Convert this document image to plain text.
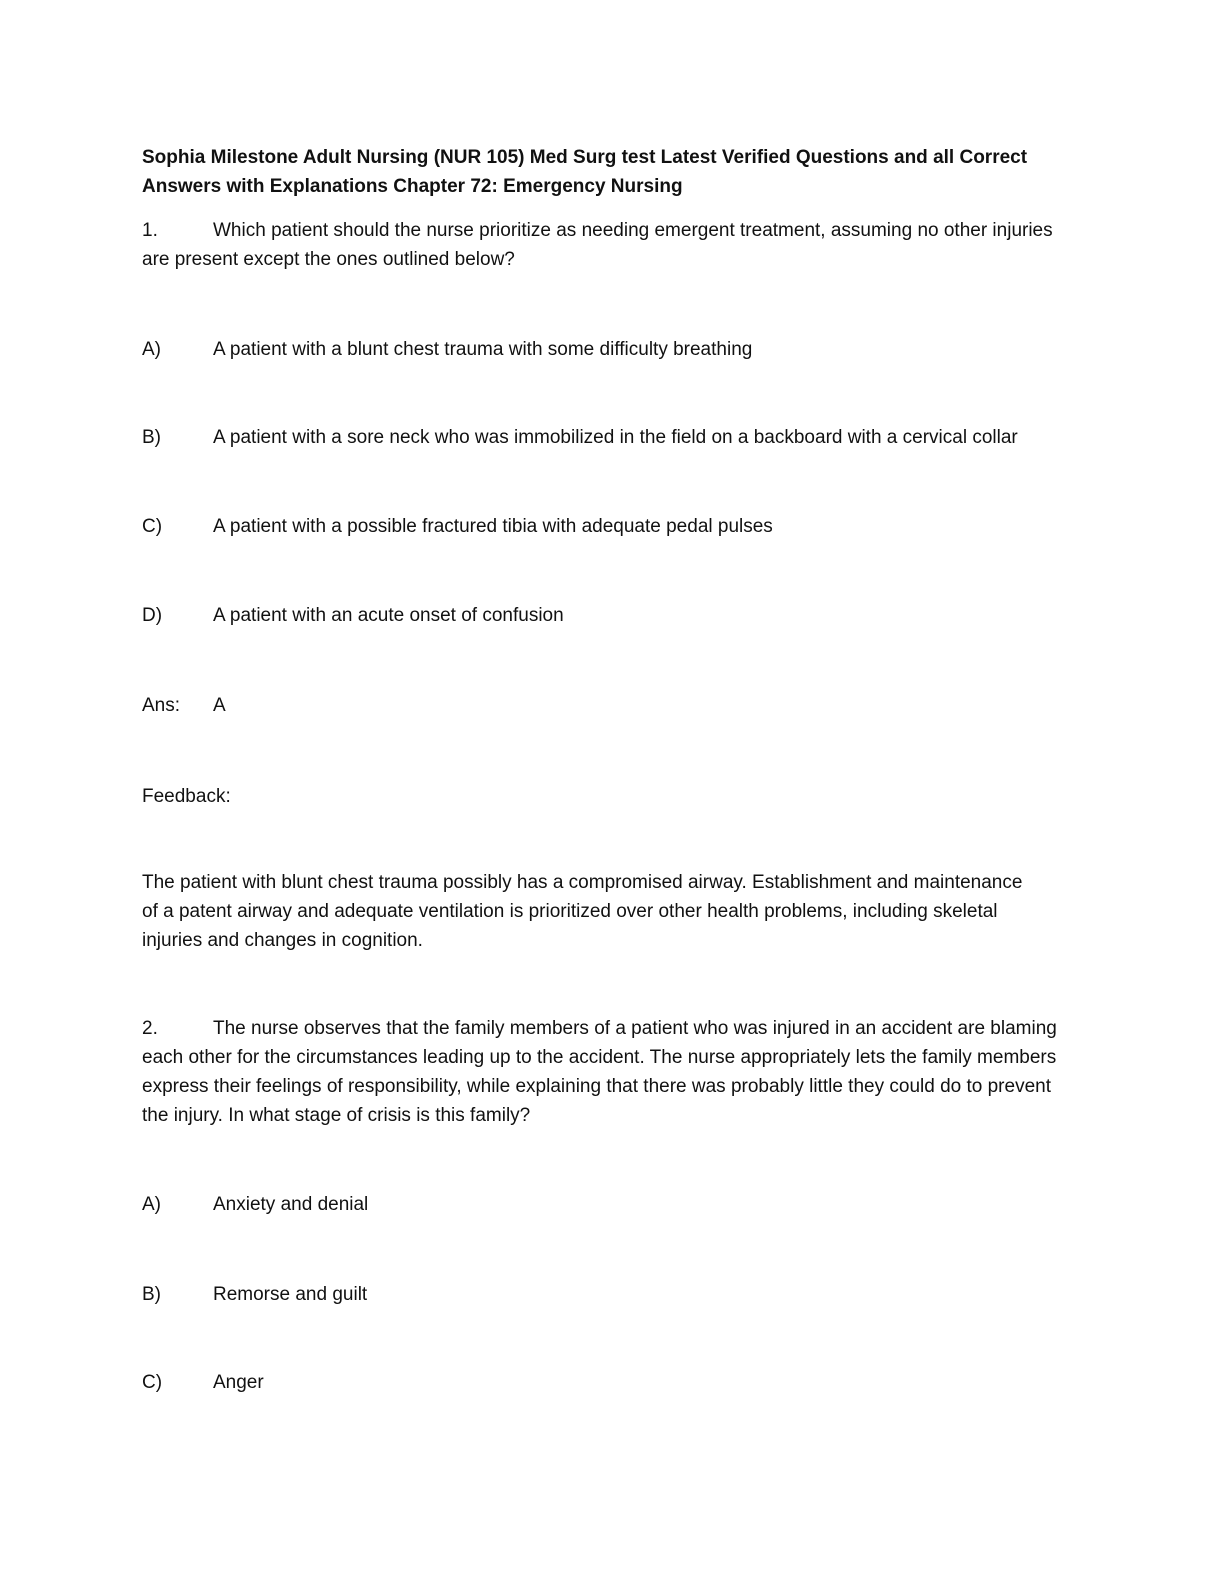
Sophia Milestone Adult Nursing (NUR 105) Med Surg test Latest Verified Questions and all Correct Answers with Explanations Chapter 72: Emergency Nursing

1.	Which patient should the nurse prioritize as needing emergent treatment, assuming no other injuries are present except the ones outlined below?

A)	A patient with a blunt chest trauma with some difficulty breathing

B)	A patient with a sore neck who was immobilized in the field on a backboard with a cervical collar

C)	A patient with a possible fractured tibia with adequate pedal pulses

D)	A patient with an acute onset of confusion

Ans: A

Feedback:

The patient with blunt chest trauma possibly has a compromised airway. Establishment and maintenance of a patent airway and adequate ventilation is prioritized over other health problems, including skeletal injuries and changes in cognition.

2.	The nurse observes that the family members of a patient who was injured in an accident are blaming each other for the circumstances leading up to the accident. The nurse appropriately lets the family members express their feelings of responsibility, while explaining that there was probably little they could do to prevent the injury. In what stage of crisis is this family?

A)	Anxiety and denial

B)	Remorse and guilt

C)	Anger
